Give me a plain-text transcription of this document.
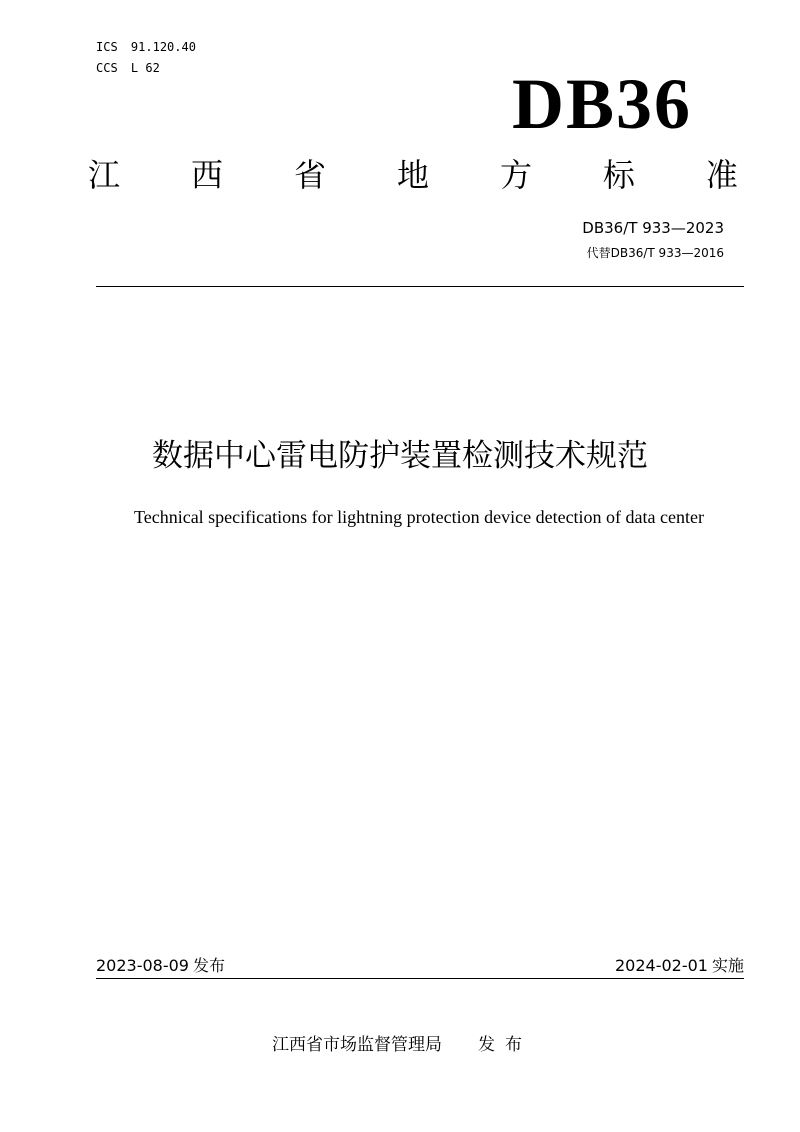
ICS 91.120.40
CCS L 62	DB36
江 西 省 地 方 标 准
DB36/T 933—2023
代替DB36/T 933—2016
数据中心雷电防护装置检测技术规范
Technical specifications for lightning protection device detection of data center
2023-08-09 发布	2024-02-01 实施
江西省市场监督管理局 发布
